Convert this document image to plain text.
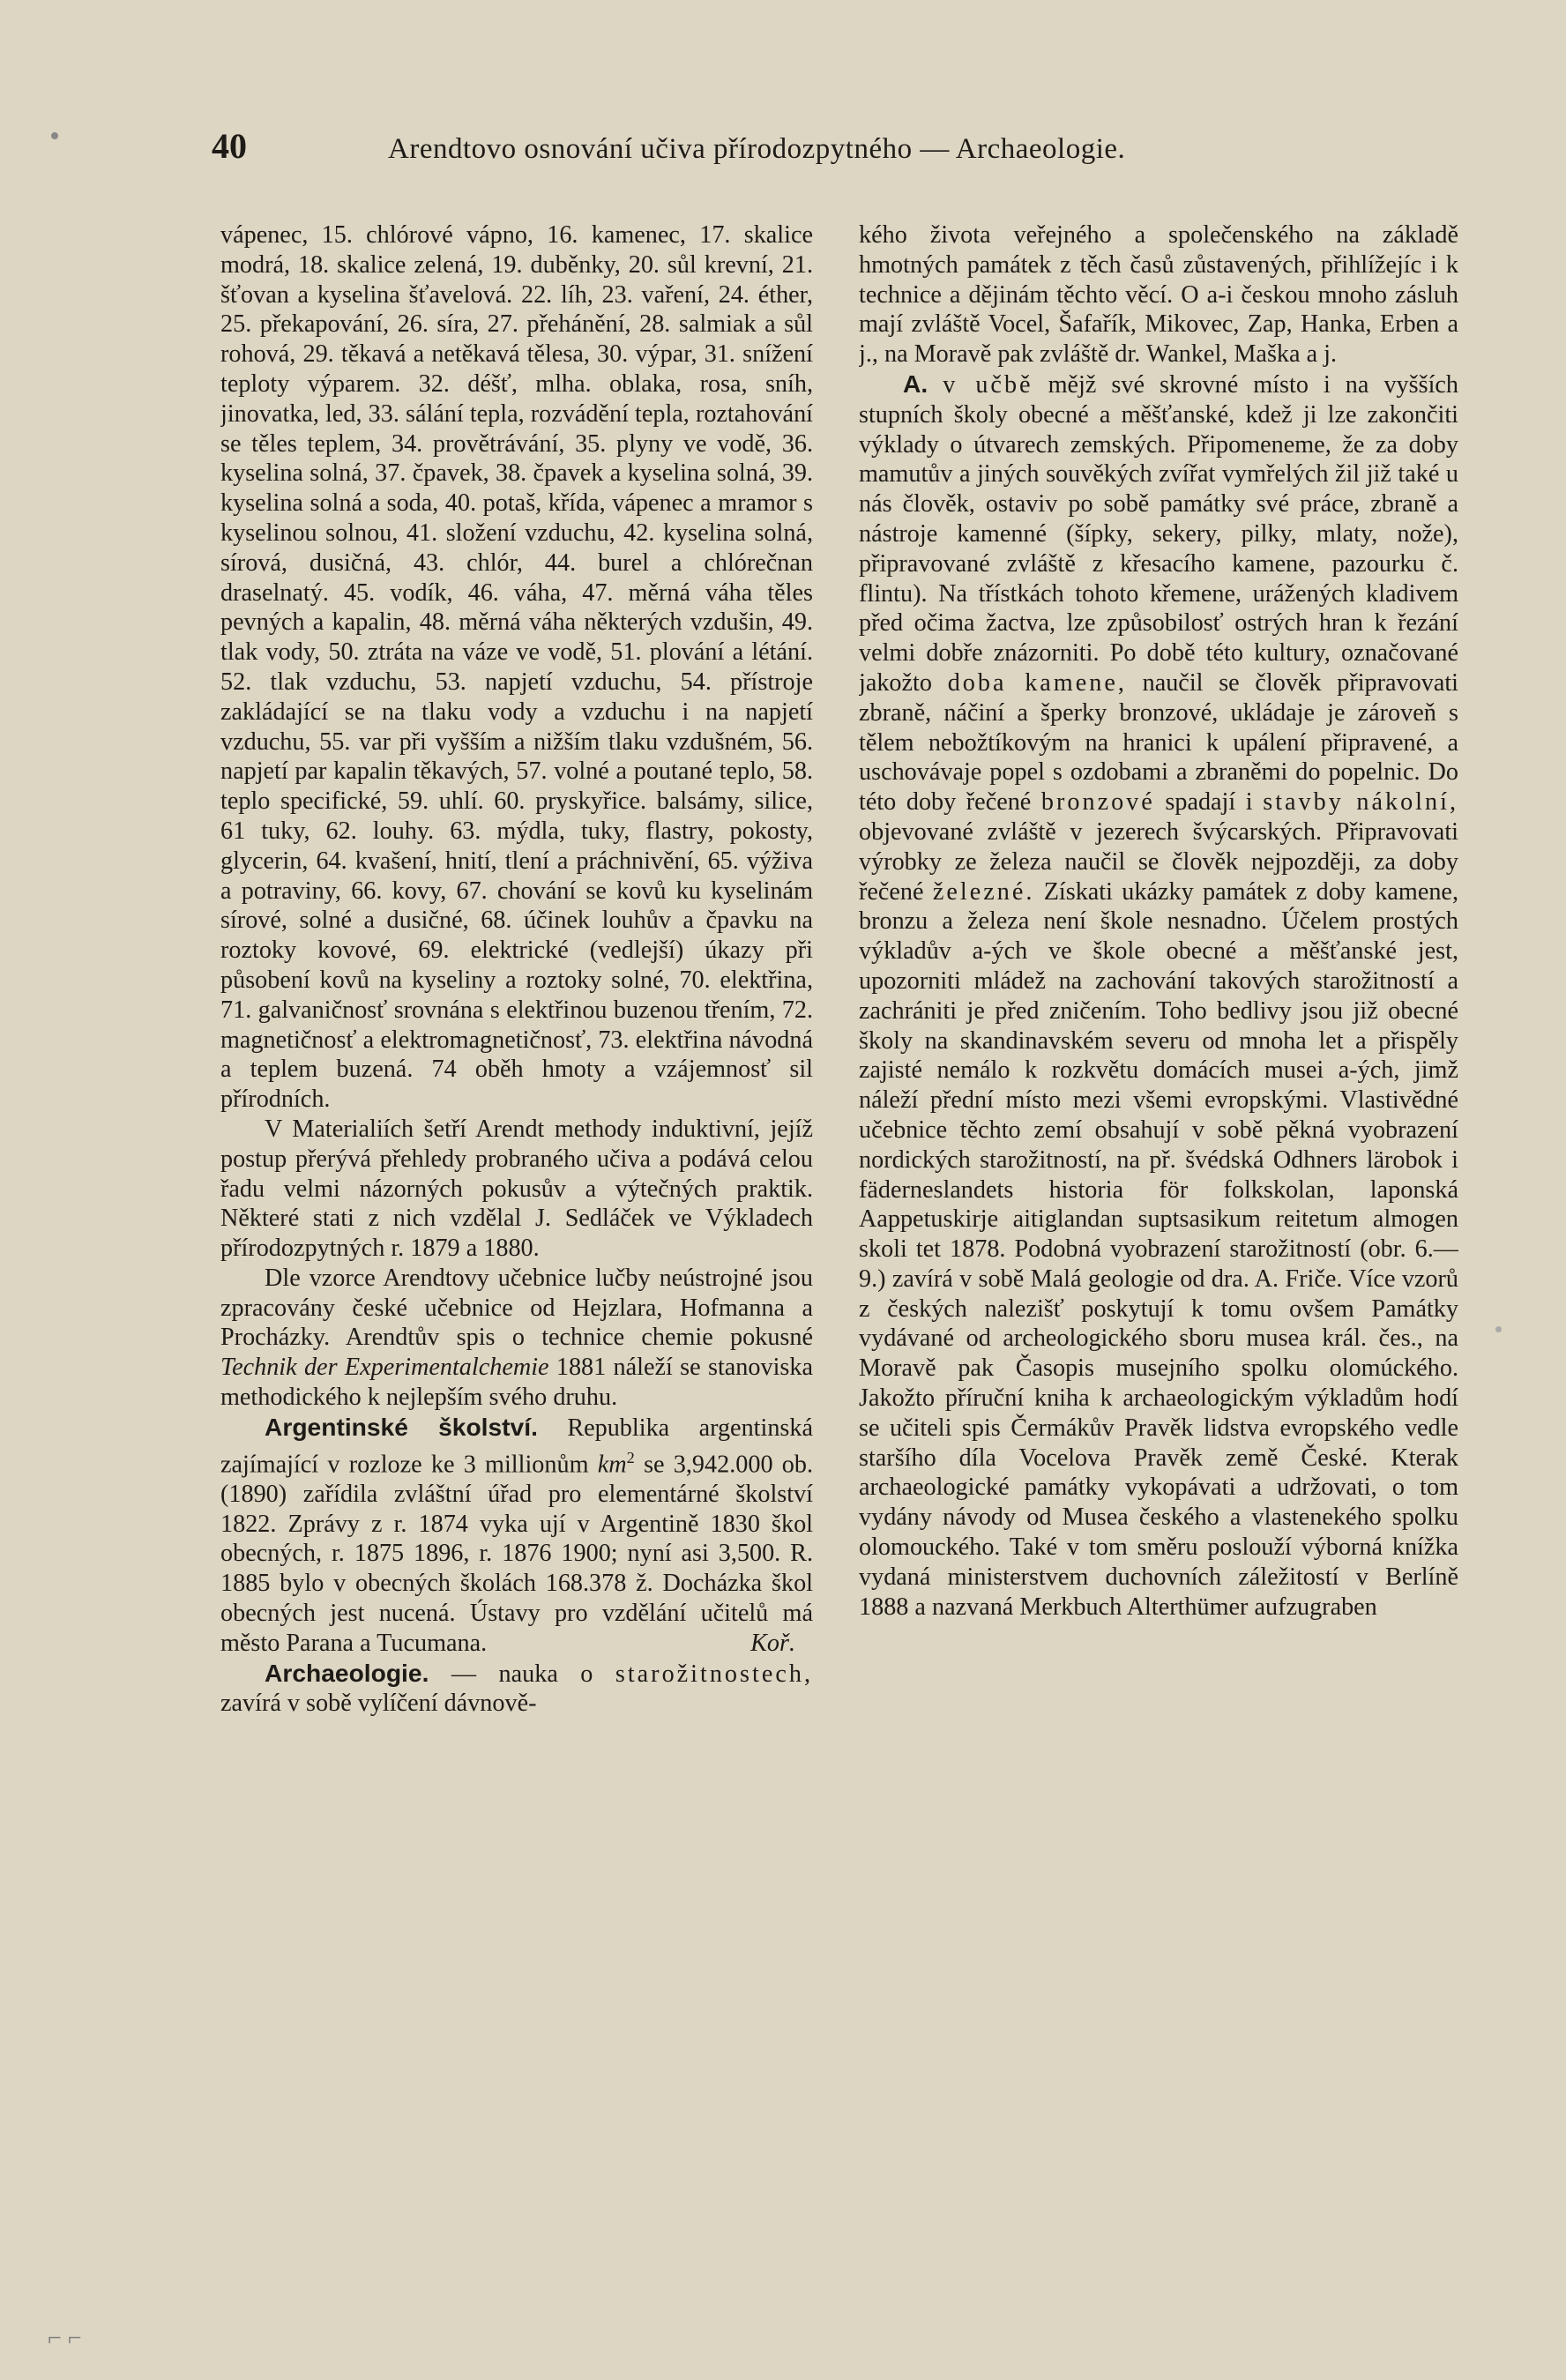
⌐ ⌐
40	Arendtovo osnování učiva přírodozpytného — Archaeologie.

vápenec, 15. chlórové vápno, 16. kamenec, 17. skalice modrá, 18. skalice zelená, 19. duběnky, 20. sůl krevní, 21. šťovan a kyselina šťavelová. 22. líh, 23. vaření, 24. éther, 25. překapování, 26. síra, 27. přehánění, 28. salmiak a sůl rohová, 29. těkavá a netěkavá tělesa, 30. výpar, 31. snížení teploty výparem. 32. déšť, mlha. oblaka, rosa, sníh, jinovatka, led, 33. sálání tepla, rozvádění tepla, roztahování se těles teplem, 34. provětrávání, 35. plyny ve vodě, 36. kyselina solná, 37. čpavek, 38. čpavek a kyselina solná, 39. kyselina solná a soda, 40. potaš, křída, vápenec a mramor s kyselinou solnou, 41. složení vzduchu, 42. kyselina solná, sírová, dusičná, 43. chlór, 44. burel a chlórečnan draselnatý. 45. vodík, 46. váha, 47. měrná váha těles pevných a kapalin, 48. měrná váha některých vzdušin, 49. tlak vody, 50. ztráta na váze ve vodě, 51. plování a létání. 52. tlak vzduchu, 53. napjetí vzduchu, 54. přístroje zakládající se na tlaku vody a vzduchu i na napjetí vzduchu, 55. var při vyšším a nižším tlaku vzdušném, 56. napjetí par kapalin těkavých, 57. volné a poutané teplo, 58. teplo specifické, 59. uhlí. 60. pryskyřice. balsámy, silice, 61 tuky, 62. louhy. 63. mýdla, tuky, flastry, pokosty, glycerin, 64. kvašení, hnití, tlení a práchnivění, 65. výživa a potraviny, 66. kovy, 67. chování se kovů ku kyselinám sírové, solné a dusičné, 68. účinek louhův a čpavku na roztoky kovové, 69. elektrické (vedlejší) úkazy při působení kovů na kyseliny a roztoky solné, 70. elektřina, 71. galvaničnosť srovnána s elektřinou buzenou třením, 72. magnetičnosť a elektromagnetičnosť, 73. elektřina návodná a teplem buzená. 74 oběh hmoty a vzájemnosť sil přírodních.

V Materialiích šetří Arendt methody induktivní, jejíž postup přerývá přehledy probraného učiva a podává celou řadu velmi názorných pokusův a výtečných praktik. Některé stati z nich vzdělal J. Sedláček ve Výkladech přírodozpytných r. 1879 a 1880.

Dle vzorce Arendtovy učebnice lučby neústrojné jsou zpracovány české učebnice od Hejzlara, Hofmanna a Procházky. Arendtův spis o technice chemie pokusné Technik der Experimentalchemie 1881 náleží se stanoviska methodického k nejlepším svého druhu.

Argentinské školství. Republika argentinská zajímající v rozloze ke 3 millionům $km^2$ se 3,942.000 ob. (1890) zařídila zvláštní úřad pro elementárné školství 1822. Zprávy z r. 1874 vyka ují v Argentině 1830 škol obecných, r. 1875 1896, r. 1876 1900; nyní asi 3,500. R. 1885 bylo v obecných školách 168.378 ž. Docházka škol obecných jest nucená. Ústavy pro vzdělání učitelů má město Parana a Tucumana.	Koř.

Archaeologie. — nauka o starožitnostech, zavírá v sobě vylíčení dávnově-

kého života veřejného a společenského na základě hmotných památek z těch časů zůstavených, přihlížejíc i k technice a dějinám těchto věcí. O a-i českou mnoho zásluh mají zvláště Vocel, Šafařík, Mikovec, Zap, Hanka, Erben a j., na Moravě pak zvláště dr. Wankel, Maška a j.

A. v učbě mějž své skrovné místo i na vyšších stupních školy obecné a měšťanské, kdež ji lze zakončiti výklady o útvarech zemských. Připomeneme, že za doby mamutův a jiných souvěkých zvířat vymřelých žil již také u nás člověk, ostaviv po sobě památky své práce, zbraně a nástroje kamenné (šípky, sekery, pilky, mlaty, nože), připravované zvláště z křesacího kamene, pazourku č. flintu). Na třístkách tohoto křemene, urážených kladivem před očima žactva, lze způsobilosť ostrých hran k řezání velmi dobře znázorniti. Po době této kultury, označované jakožto doba kamene, naučil se člověk připravovati zbraně, náčiní a šperky bronzové, ukládaje je zároveň s tělem nebožtíkovým na hranici k upálení připravené, a uschovávaje popel s ozdobami a zbraněmi do popelnic. Do této doby řečené bronzové spadají i stavby nákolní, objevované zvláště v jezerech švýcarských. Připravovati výrobky ze železa naučil se člověk nejpozději, za doby řečené železné. Získati ukázky památek z doby kamene, bronzu a železa není škole nesnadno. Účelem prostých výkladův a-ých ve škole obecné a měšťanské jest, upozorniti mládež na zachování takových starožitností a zachrániti je před zničením. Toho bedlivy jsou již obecné školy na skandinavském severu od mnoha let a přispěly zajisté nemálo k rozkvětu domácích musei a-ých, jimž náleží přední místo mezi všemi evropskými. Vlastivědné učebnice těchto zemí obsahují v sobě pěkná vyobrazení nordických starožitností, na př. švédská Odhners lärobok i fäderneslandets historia för folkskolan, laponská Aappetuskirje aitiglandan suptsasikum reitetum almogen skoli tet 1878. Podobná vyobrazení starožitností (obr. 6.—9.) zavírá v sobě Malá geologie od dra. A. Friče. Více vzorů z českých nalezišť poskytují k tomu ovšem Památky vydávané od archeologického sboru musea král. čes., na Moravě pak Časopis musejního spolku olomúckého. Jakožto příruční kniha k archaeologickým výkladům hodí se učiteli spis Čermákův Pravěk lidstva evropského vedle staršího díla Vocelova Pravěk země České. Kterak archaeologické památky vykopávati a udržovati, o tom vydány návody od Musea českého a vlastenekého spolku olomouckého. Také v tom směru poslouží výborná knížka vydaná ministerstvem duchovních záležitostí v Berlíně 1888 a nazvaná Merkbuch Alterthümer aufzugraben
